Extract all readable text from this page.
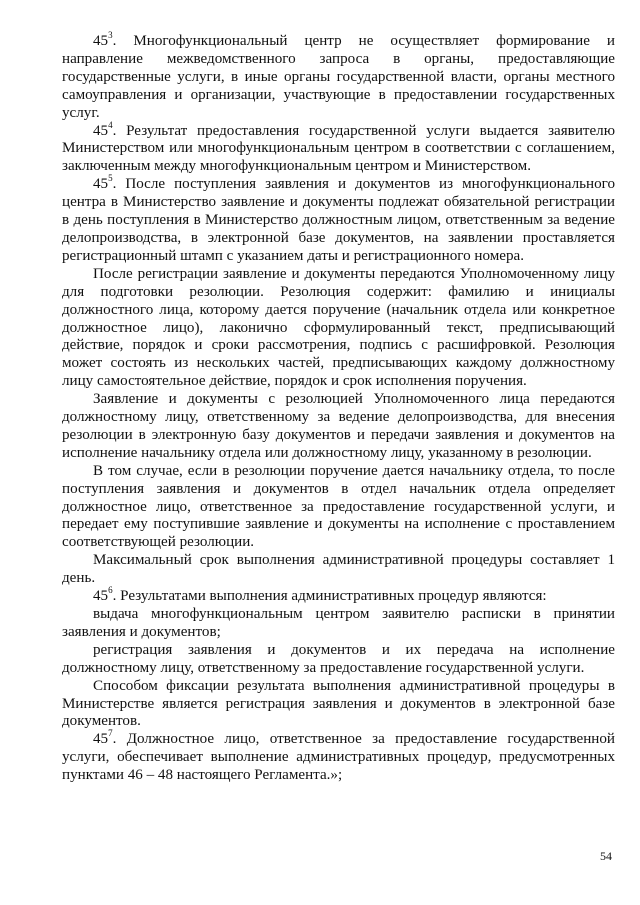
$45^3$. Многофункциональный центр не осуществляет формирование и направление межведомственного запроса в органы, предоставляющие государственные услуги, в иные органы государственной власти, органы местного самоуправления и организации, участвующие в предоставлении государственных услуг.

$45^4$. Результат предоставления государственной услуги выдается заявителю Министерством или многофункциональным центром в соответствии с соглашением, заключенным между многофункциональным центром и Министерством.

$45^5$. После поступления заявления и документов из многофункционального центра в Министерство заявление и документы подлежат обязательной регистрации в день поступления в Министерство должностным лицом, ответственным за ведение делопроизводства, в электронной базе документов, на заявлении проставляется регистрационный штамп с указанием даты и регистрационного номера.

После регистрации заявление и документы передаются Уполномоченному лицу для подготовки резолюции. Резолюция содержит: фамилию и инициалы должностного лица, которому дается поручение (начальник отдела или конкретное должностное лицо), лаконично сформулированный текст, предписывающий действие, порядок и сроки рассмотрения, подпись с расшифровкой. Резолюция может состоять из нескольких частей, предписывающих каждому должностному лицу самостоятельное действие, порядок и срок исполнения поручения.

Заявление и документы с резолюцией Уполномоченного лица передаются должностному лицу, ответственному за ведение делопроизводства, для внесения резолюции в электронную базу документов и передачи заявления и документов на исполнение начальнику отдела или должностному лицу, указанному в резолюции.

В том случае, если в резолюции поручение дается начальнику отдела, то после поступления заявления и документов в отдел начальник отдела определяет должностное лицо, ответственное за предоставление государственной услуги, и передает ему поступившие заявление и документы на исполнение с проставлением соответствующей резолюции.

Максимальный срок выполнения административной процедуры составляет 1 день.

$45^6$. Результатами выполнения административных процедур являются:

выдача многофункциональным центром заявителю расписки в принятии заявления и документов;

регистрация заявления и документов и их передача на исполнение должностному лицу, ответственному за предоставление государственной услуги.

Способом фиксации результата выполнения административной процедуры в Министерстве является регистрация заявления и документов в электронной базе документов.

$45^7$. Должностное лицо, ответственное за предоставление государственной услуги, обеспечивает выполнение административных процедур, предусмотренных пунктами 46 – 48 настоящего Регламента.»;

54
